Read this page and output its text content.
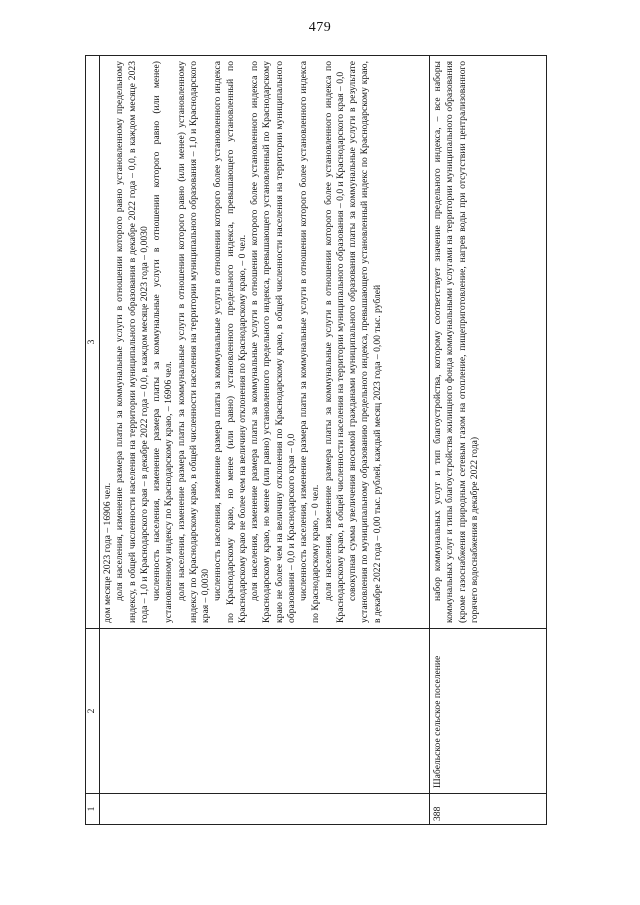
479
1
2
3

дом месяце 2023 года – 16906 чел. доля населения, изменение размера платы за коммунальные услуги в отношении которого равно установленному предельному индексу, в общей численности населения на территории муниципального образования в декабре 2022 года – 0,0, в каждом месяце 2023 года – 1,0 и Краснодарского края – в декабре 2022 года – 0,0, в каждом месяце 2023 года – 0,0030 численность населения, изменение размера платы за коммунальные услуги в отношении которого равно (или менее) установленному индексу по Краснодарскому краю, – 16906 чел. доля населения, изменение размера платы за коммунальные услуги в отношении которого равно (или менее) установленному индексу по Краснодарскому краю, в общей численности населения на территории муниципального образования – 1,0 и Краснодарского края – 0,0030 численность населения, изменение размера платы за коммунальные услуги в отношении которого более установленного индекса по Краснодарскому краю, но менее (или равно) установленного предельного индекса, превышающего установленный по Краснодарскому краю не более чем на величину отклонения по Краснодарскому краю, – 0 чел. доля населения, изменение размера платы за коммунальные услуги в отношении которого более установленного индекса по Краснодарскому краю, но менее (или равно) установленного предельного индекса, превышающего установленный по Краснодарскому краю не более чем на величину отклонения по Краснодарскому краю, в общей численности населения на территории муниципального образования – 0,0 и Краснодарского края – 0,0 численность населения, изменение размера платы за коммунальные услуги в отношении которого более установленного индекса по Краснодарскому краю, – 0 чел. доля населения, изменение размера платы за коммунальные услуги в отношении которого более установленного индекса по Краснодарскому краю, в общей численности населения на территории муниципального образования – 0,0 и Краснодарского края – 0,0 совокупная сумма увеличения вносимой гражданами муниципального образования платы за коммунальные услуги в результате установления по муниципальному образованию предельного индекса, превышающего установленный индекс по Краснодарскому краю, в декабре 2022 года – 0,00 тыс. рублей, каждый месяц 2023 года – 0,00 тыс. рублей

388
Шабельское сельское поселение

набор коммунальных услуг и тип благоустройства, которому соответствует значение предельного индекса, – все наборы коммунальных услуг и типы благоустройства жилищного фонда коммунальными услугами на территории муниципального образования (кроме газоснабжения природным сетевым газом на отопление, пищеприготовление, нагрев воды при отсутствии централизованного горячего водоснабжения в декабре 2022 года)
